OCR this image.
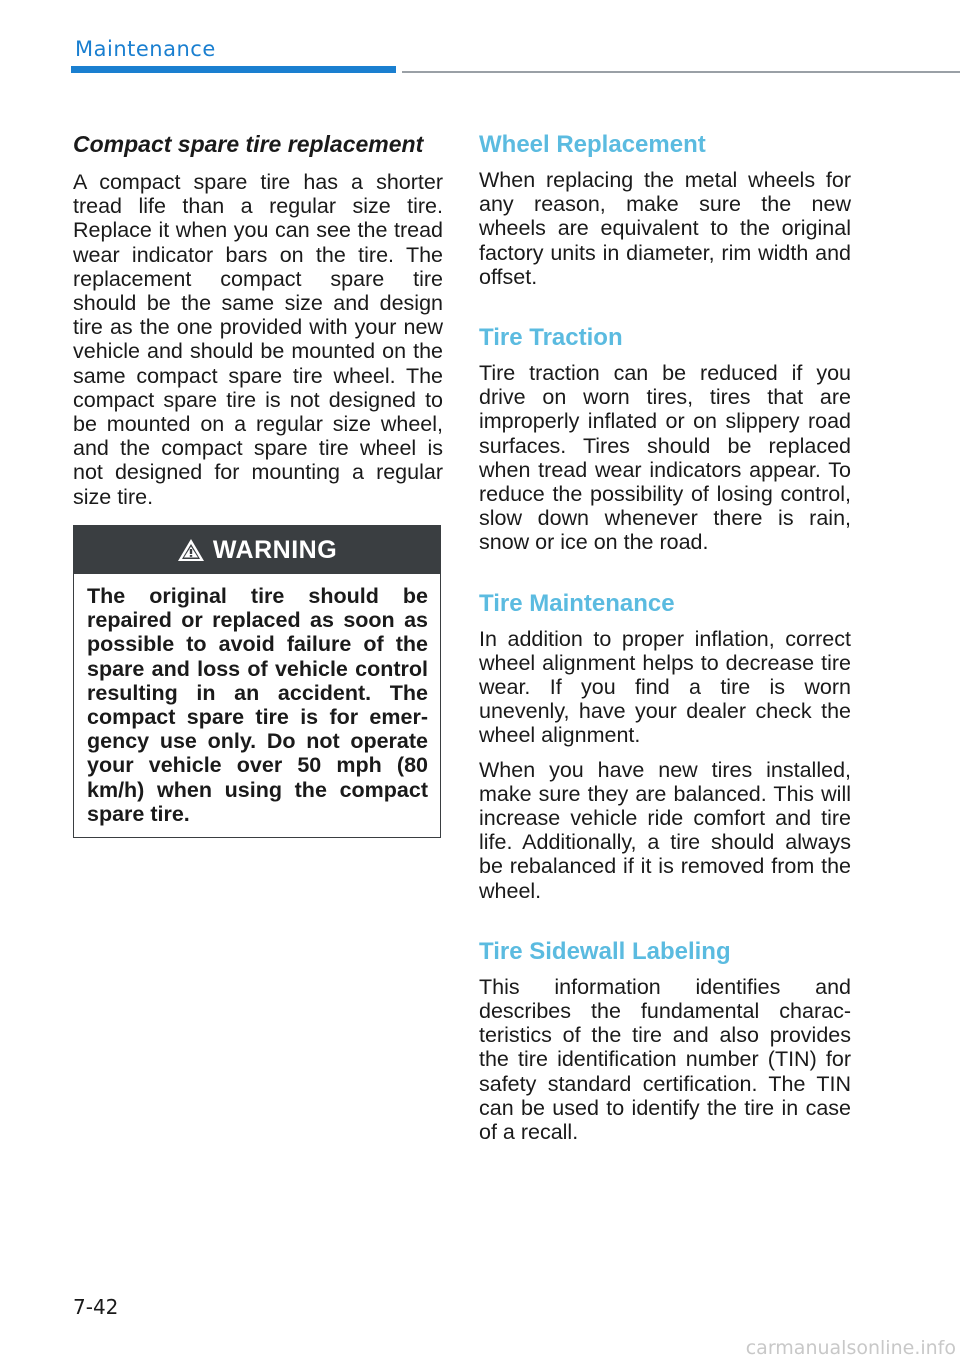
Maintenance
Compact spare tire replacement

A compact spare tire has a shorter tread life than a regular size tire. Replace it when you can see the tread wear indicator bars on the tire. The replacement compact spare tire should be the same size and design tire as the one provided with your new vehicle and should be mounted on the same compact spare tire wheel. The compact spare tire is not designed to be mounted on a regular size wheel, and the compact spare tire wheel is not designed for mounting a regular size tire.

WARNING

The original tire should be repaired or replaced as soon as possible to avoid failure of the spare and loss of vehicle control resulting in an accident. The compact spare tire is for emergency use only. Do not operate your vehicle over 50 mph (80 km/h) when using the compact spare tire.

Wheel Replacement

When replacing the metal wheels for any reason, make sure the new wheels are equivalent to the original factory units in diameter, rim width and offset.

Tire Traction

Tire traction can be reduced if you drive on worn tires, tires that are improperly inflated or on slippery road surfaces. Tires should be replaced when tread wear indicators appear. To reduce the possibility of losing control, slow down whenever there is rain, snow or ice on the road.

Tire Maintenance

In addition to proper inflation, correct wheel alignment helps to decrease tire wear. If you find a tire is worn unevenly, have your dealer check the wheel alignment.

When you have new tires installed, make sure they are balanced. This will increase vehicle ride comfort and tire life. Additionally, a tire should always be rebalanced if it is removed from the wheel.

Tire Sidewall Labeling

This information identifies and describes the fundamental characteristics of the tire and also provides the tire identification number (TIN) for safety standard certification. The TIN can be used to identify the tire in case of a recall.

7-42
carmanualsonline.info
